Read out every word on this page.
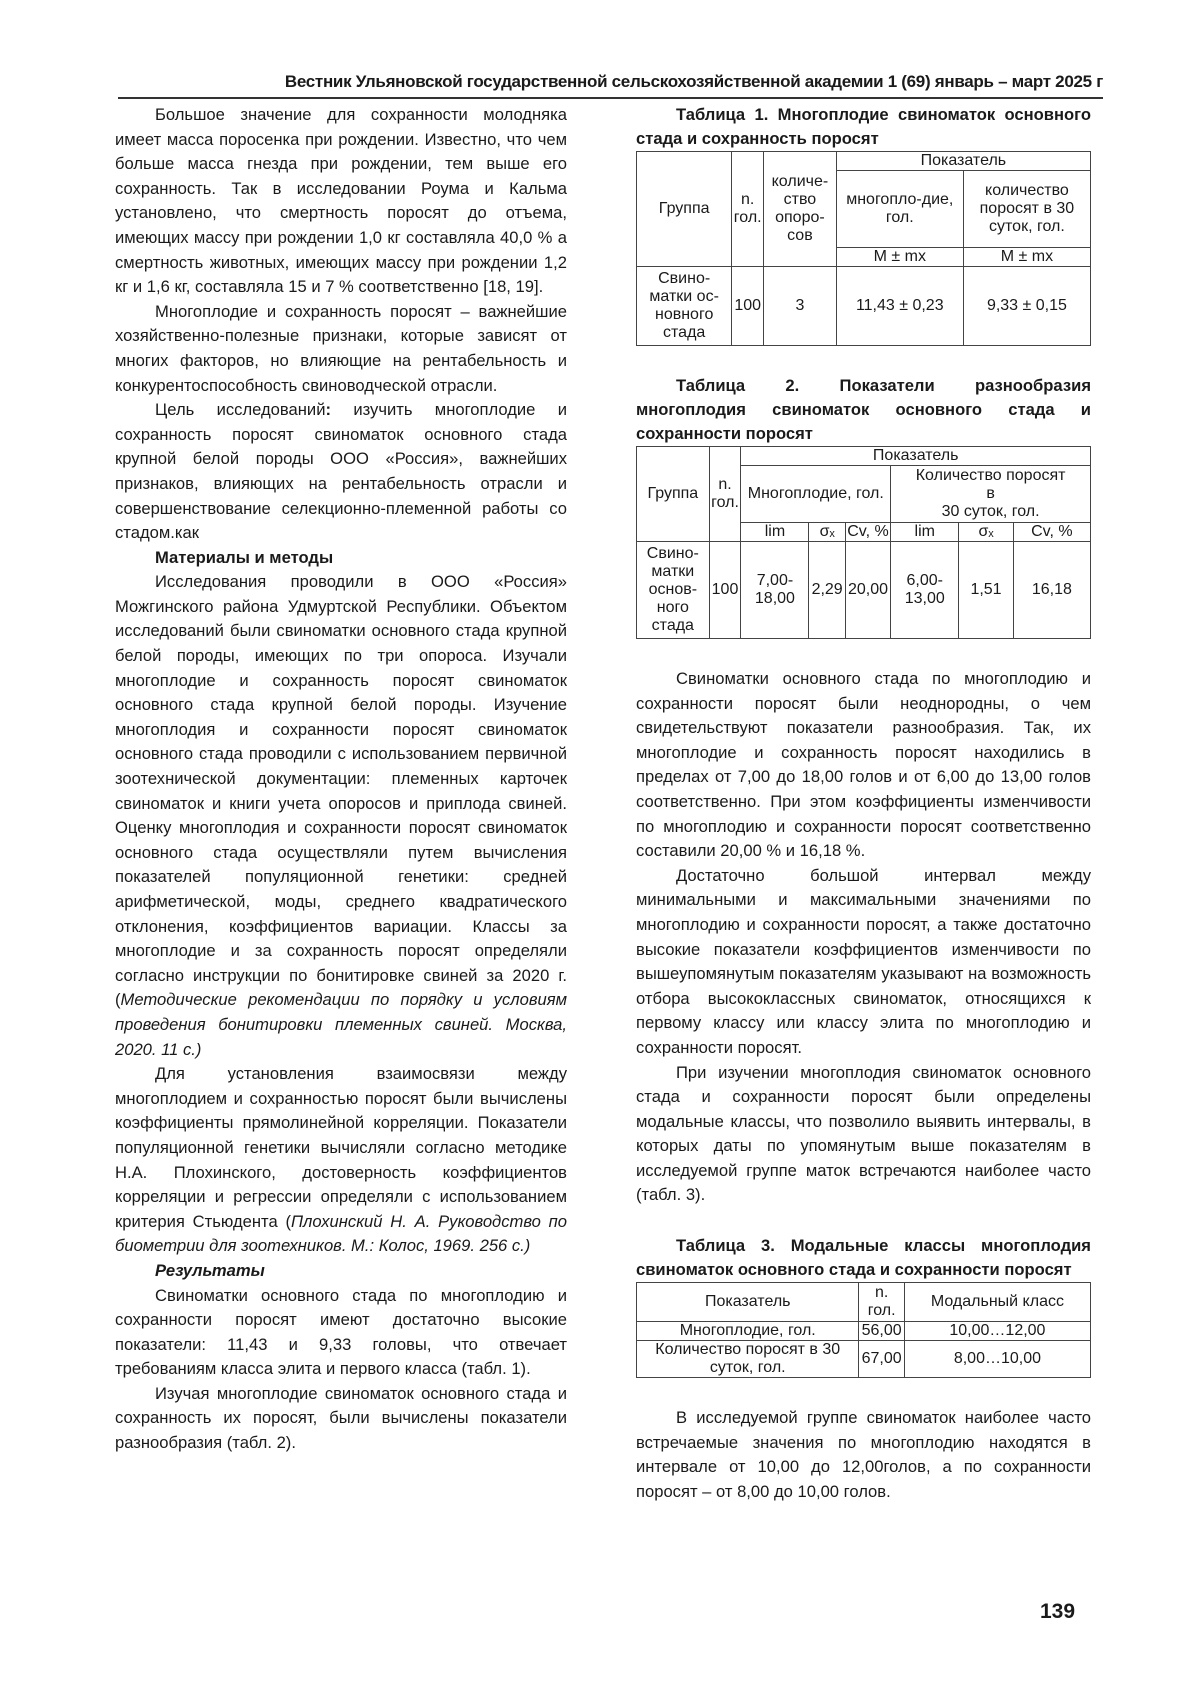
Вестник Ульяновской государственной сельскохозяйственной академии 1 (69) январь – март 2025 г

Большое значение для сохранности молодняка имеет масса поросенка при рождении. Известно, что чем больше масса гнезда при рождении, тем выше его сохранность. Так в исследовании Роума и Кальма установлено, что смертность поросят до отъема, имеющих массу при рождении 1,0 кг составляла 40,0 % а смертность животных, имеющих массу при рождении 1,2 кг и 1,6 кг, составляла 15 и 7 % соответственно [18, 19].

Многоплодие и сохранность поросят – важнейшие хозяйственно-полезные признаки, которые зависят от многих факторов, но влияющие на рентабельность и конкурентоспособность свиноводческой отрасли.

Цель исследований: изучить многоплодие и сохранность поросят свиноматок основного стада крупной белой породы ООО «Россия», важнейших признаков, влияющих на рентабельность отрасли и совершенствование селекционно-племенной работы со стадом.как

Материалы и методы

Исследования проводили в ООО «Россия» Можгинского района Удмуртской Республики. Объектом исследований были свиноматки основного стада крупной белой породы, имеющих по три опороса. Изучали многоплодие и сохранность поросят свиноматок основного стада крупной белой породы. Изучение многоплодия и сохранности поросят свиноматок основного стада проводили с использованием первичной зоотехнической документации: племенных карточек свиноматок и книги учета опоросов и приплода свиней. Оценку многоплодия и сохранности поросят свиноматок основного стада осуществляли путем вычисления показателей популяционной генетики: средней арифметической, моды, среднего квадратического отклонения, коэффициентов вариации. Классы за многоплодие и за сохранность поросят определяли согласно инструкции по бонитировке свиней за 2020 г. (Методические рекомендации по порядку и условиям проведения бонитировки племенных свиней. Москва, 2020. 11 с.)

Для установления взаимосвязи между многоплодием и сохранностью поросят были вычислены коэффициенты прямолинейной корреляции. Показатели популяционной генетики вычисляли согласно методике Н.А. Плохинского, достоверность коэффициентов корреляции и регрессии определяли с использованием критерия Стьюдента (Плохинский Н. А. Руководство по биометрии для зоотехников. М.: Колос, 1969. 256 с.)

Результаты

Свиноматки основного стада по многоплодию и сохранности поросят имеют достаточно высокие показатели: 11,43 и 9,33 головы, что отвечает требованиям класса элита и первого класса (табл. 1).

Изучая многоплодие свиноматок основного стада и сохранность их поросят, были вычислены показатели разнообразия (табл. 2).

Таблица 1. Многоплодие свиноматок основного стада и сохранность поросят

Группа	n. гол.	количе-ство опоро-сов	Показатель	
			многопло-дие, гол.	количество поросят в 30 суток, гол.
			M ± mx	M ± mx
Свино-матки ос-новного стада	100	3	11,43 ± 0,23	9,33 ± 0,15

Таблица 2. Показатели разнообразия многоплодия свиноматок основного стада и сохранности поросят

Группа	n. гол.	Показатель					
		Многоплодие, гол.			Количество поросят
в
30 суток, гол.		

		lim	σₓ	Cv, %	lim	σₓ	Cv, %
Свино-матки основ-ного стада	100	7,00-18,00	2,29	20,00	6,00-13,00	1,51	16,18

Свиноматки основного стада по многоплодию и сохранности поросят были неоднородны, о чем свидетельствуют показатели разнообразия. Так, их многоплодие и сохранность поросят находились в пределах от 7,00 до 18,00 голов и от 6,00 до 13,00 голов соответственно. При этом коэффициенты изменчивости по многоплодию и сохранности поросят соответственно составили 20,00 % и 16,18 %.

Достаточно большой интервал между минимальными и максимальными значениями по многоплодию и сохранности поросят, а также достаточно высокие показатели коэффициентов изменчивости по вышеупомянутым показателям указывают на возможность отбора высококлассных свиноматок, относящихся к первому классу или классу элита по многоплодию и сохранности поросят.

При изучении многоплодия свиноматок основного стада и сохранности поросят были определены модальные классы, что позволило выявить интервалы, в которых даты по упомянутым выше показателям в исследуемой группе маток встречаются наиболее часто (табл. 3).

Таблица 3. Модальные классы многоплодия свиноматок основного стада и сохранности поросят

Показатель	n. гол.	Модальный класс
Многоплодие, гол.	56,00	10,00…12,00
Количество поросят в 30 суток, гол.	67,00	8,00…10,00

В исследуемой группе свиноматок наиболее часто встречаемые значения по многоплодию находятся в интервале от 10,00 до 12,00голов, а по сохранности поросят – от 8,00 до 10,00 голов.

139
